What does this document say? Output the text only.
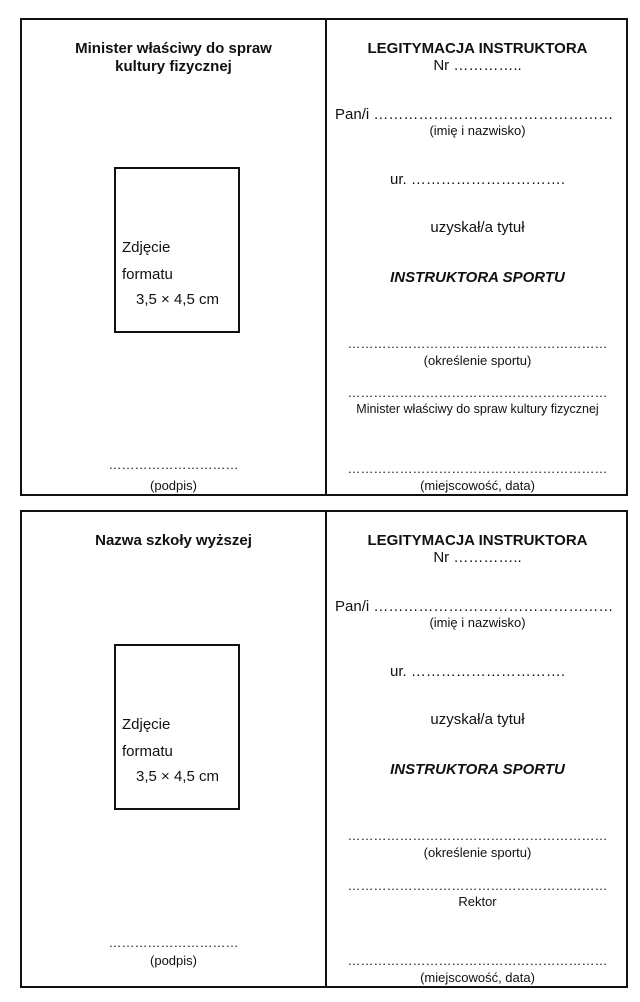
Minister właściwy do spraw
kultury fizycznej
Zdjęcie
formatu
3,5 × 4,5 cm
…………………………
(podpis)
LEGITYMACJA INSTRUKTORA
Nr …………..
Pan/i …………………………………………
(imię i nazwisko)
ur. ………………………….
uzyskał/a tytuł
INSTRUKTORA SPORTU
……………………………………………………
(określenie sportu)
……………………………………………………
Minister właściwy do spraw kultury fizycznej
……………………………………………………
(miejscowość, data)
Nazwa szkoły wyższej
Zdjęcie
formatu
3,5 × 4,5 cm
…………………………
(podpis)
LEGITYMACJA INSTRUKTORA
Nr …………..
Pan/i …………………………………………
(imię i nazwisko)
ur. ………………………….
uzyskał/a tytuł
INSTRUKTORA SPORTU
……………………………………………………
(określenie sportu)
……………………………………………………
Rektor
……………………………………………………
(miejscowość, data)
